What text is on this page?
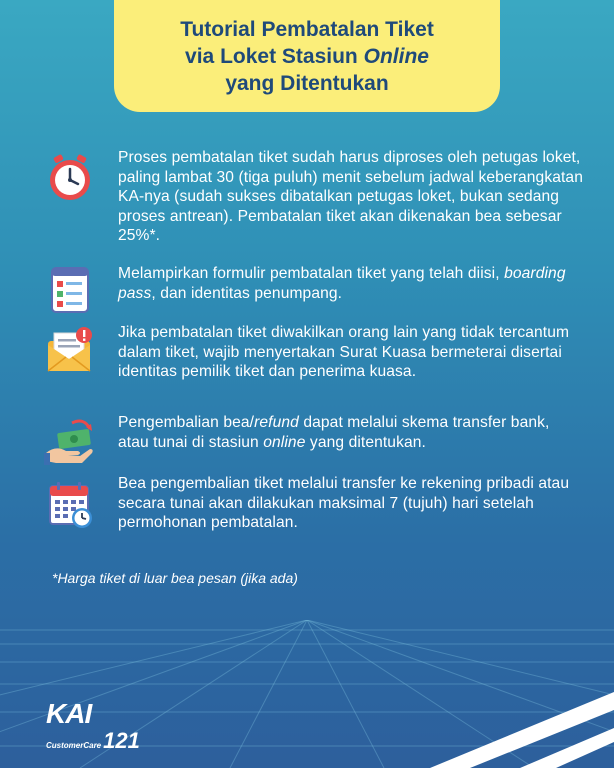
Tutorial Pembatalan Tiket
via Loket Stasiun Online
yang Ditentukan
Proses pembatalan tiket sudah harus diproses oleh petugas loket, paling lambat 30 (tiga puluh) menit sebelum jadwal keberangkatan KA-nya (sudah sukses dibatalkan petugas loket, bukan sedang proses antrean). Pembatalan tiket akan dikenakan bea sebesar 25%*.
Melampirkan formulir pembatalan tiket yang telah diisi, boarding pass, dan identitas penumpang.
Jika pembatalan tiket diwakilkan orang lain yang tidak tercantum dalam tiket, wajib menyertakan Surat Kuasa bermeterai disertai identitas pemilik tiket dan penerima kuasa.
Pengembalian bea/refund dapat melalui skema transfer bank, atau tunai di stasiun online yang ditentukan.
Bea pengembalian tiket melalui transfer ke rekening pribadi atau secara tunai akan dilakukan maksimal 7 (tujuh) hari setelah permohonan pembatalan.
*Harga tiket di luar bea pesan (jika ada)
KAI
CustomerCare121
